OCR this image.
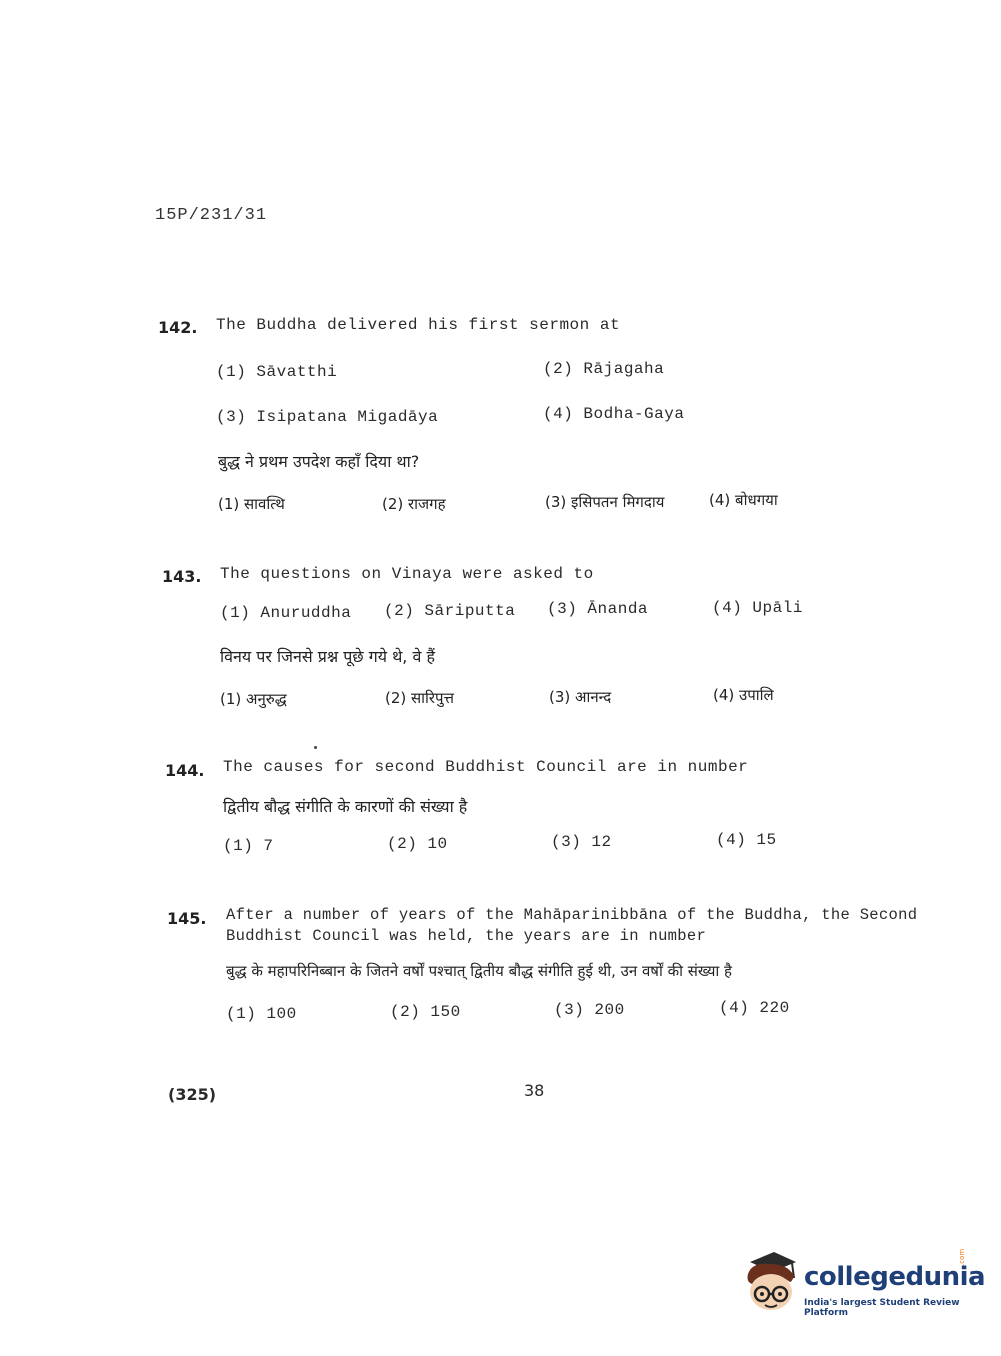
15P/231/31
142. The Buddha delivered his first sermon at
(1) Sāvatthi	(2) Rājagaha
(3) Isipatana Migadāya	(4) Bodha-Gaya
बुद्ध ने प्रथम उपदेश कहाँ दिया था?
(1) सावत्थि	(2) राजगह	(3) इसिपतन मिगदाय	(4) बोधगया
143. The questions on Vinaya were asked to
(1) Anuruddha (2) Sāriputta (3) Ānanda	(4) Upāli
विनय पर जिनसे प्रश्न पूछे गये थे, वे हैं
(1) अनुरुद्ध	(2) सारिपुत्त	(3) आनन्द	(4) उपालि
144. The causes for second Buddhist Council are in number
द्वितीय बौद्ध संगीति के कारणों की संख्या है
(1) 7	(2) 10	(3) 12	(4) 15
145. After a number of years of the Mahāparinibbāna of the Buddha, the Second
Buddhist Council was held, the years are in number
बुद्ध के महापरिनिब्बान के जितने वर्षों पश्चात् द्वितीय बौद्ध संगीति हुई थी, उन वर्षों की संख्या है
(1) 100	(2) 150	(3) 200	(4) 220
(325)	38
collegedunia
.com
India's largest Student Review Platform
